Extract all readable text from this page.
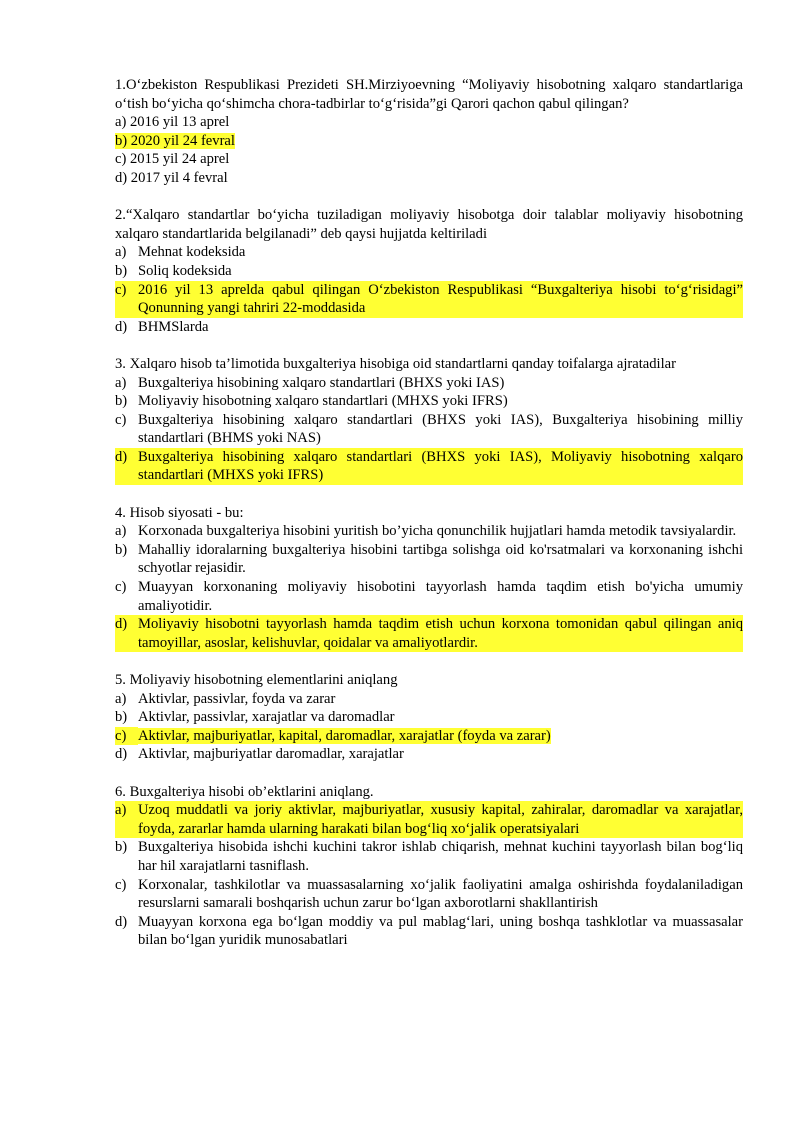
1.O‘zbekiston Respublikasi Prezideti SH.Mirziyoevning “Moliyaviy hisobotning xalqaro standartlariga o‘tish bo‘yicha qo‘shimcha chora-tadbirlar to‘g‘risida”gi Qarori qachon qabul qilingan?
a) 2016 yil 13 aprel
b) 2020 yil 24 fevral
c) 2015 yil 24 aprel
d) 2017 yil 4 fevral
2.“Xalqaro standartlar bo‘yicha tuziladigan moliyaviy hisobotga doir talablar moliyaviy hisobotning xalqaro standartlarida belgilanadi” deb qaysi hujjatda keltiriladi
a) Mehnat kodeksida
b) Soliq kodeksida
c) 2016 yil 13 aprelda qabul qilingan O‘zbekiston Respublikasi “Buxgalteriya hisobi to‘g‘risidagi” Qonunning yangi tahriri 22-moddasida
d) BHMSlarda
3. Xalqaro hisob ta’limotida buxgalteriya hisobiga oid standartlarni qanday toifalarga ajratadilar
a) Buxgalteriya hisobining xalqaro standartlari (BHXS yoki IAS)
b) Moliyaviy hisobotning xalqaro standartlari (MHXS yoki IFRS)
c) Buxgalteriya hisobining xalqaro standartlari (BHXS yoki IAS), Buxgalteriya hisobining milliy standartlari (BHMS yoki NAS)
d) Buxgalteriya hisobining xalqaro standartlari (BHXS yoki IAS), Moliyaviy hisobotning xalqaro standartlari (MHXS yoki IFRS)
4. Hisob siyosati - bu:
a) Korxonada buxgalteriya hisobini yuritish bo’yicha qonunchilik hujjatlari hamda metodik tavsiyalardir.
b) Mahalliy idoralarning buxgalteriya hisobini tartibga solishga oid ko'rsatmalari va korxonaning ishchi schyotlar rejasidir.
c) Muayyan korxonaning moliyaviy hisobotini tayyorlash hamda taqdim etish bo'yicha umumiy amaliyotidir.
d) Moliyaviy hisobotni tayyorlash hamda taqdim etish uchun korxona tomonidan qabul qilingan aniq tamoyillar, asoslar, kelishuvlar, qoidalar va amaliyotlardir.
5. Moliyaviy hisobotning elementlarini aniqlang
a) Aktivlar, passivlar, foyda va zarar
b) Aktivlar, passivlar, xarajatlar va daromadlar
c) Aktivlar, majburiyatlar, kapital, daromadlar, xarajatlar (foyda va zarar)
d) Aktivlar, majburiyatlar daromadlar, xarajatlar
6. Buxgalteriya hisobi ob’ektlarini aniqlang.
a) Uzoq muddatli va joriy aktivlar, majburiyatlar, xususiy kapital, zahiralar, daromadlar va xarajatlar, foyda, zararlar hamda ularning harakati bilan bog‘liq xo‘jalik operatsiyalari
b) Buxgalteriya hisobida ishchi kuchini takror ishlab chiqarish, mehnat kuchini tayyorlash bilan bog‘liq har hil xarajatlarni tasniflash.
c) Korxonalar, tashkilotlar va muassasalarning xo‘jalik faoliyatini amalga oshirishda foydalaniladigan resurslarni samarali boshqarish uchun zarur bo‘lgan axborotlarni shakllantirish
d) Muayyan korxona ega bo‘lgan moddiy va pul mablag‘lari, uning boshqa tashklotlar va muassasalar bilan bo‘lgan yuridik munosabatlari
